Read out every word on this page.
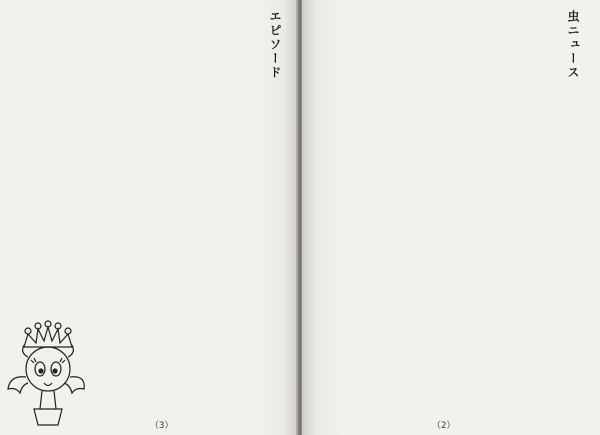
エピソード
（3）
虫ニュース
（2）
